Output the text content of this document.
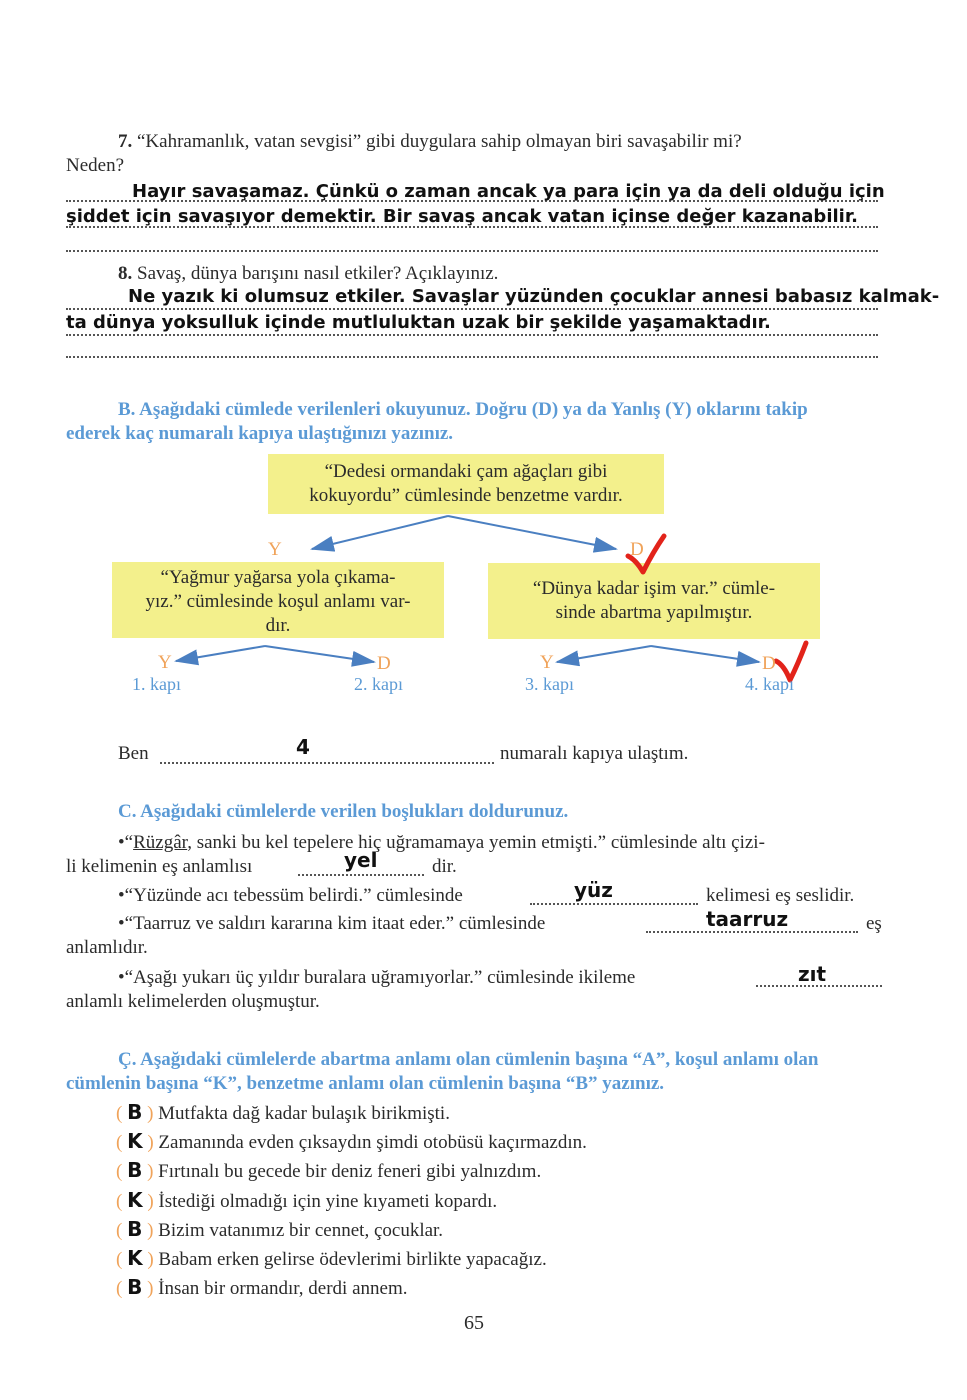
7. “Kahramanlık, vatan sevgisi” gibi duygulara sahip olmayan biri savaşabilir mi?
Neden?
Hayır savaşamaz. Çünkü o zaman ancak ya para için ya da deli olduğu için
şiddet için savaşıyor demektir. Bir savaş ancak vatan içinse değer kazanabilir.
8. Savaş, dünya barışını nasıl etkiler? Açıklayınız.
Ne yazık ki olumsuz etkiler. Savaşlar yüzünden çocuklar annesi babasız kalmak-
ta dünya yoksulluk içinde mutluluktan uzak bir şekilde yaşamaktadır.
B. Aşağıdaki cümlede verilenleri okuyunuz. Doğru (D) ya da Yanlış (Y) oklarını takip
ederek kaç numaralı kapıya ulaştığınızı yazınız.
“Dedesi ormandaki çam ağaçları gibi
kokuyordu” cümlesinde benzetme vardır.
“Yağmur yağarsa yola çıkama-
yız.” cümlesinde koşul anlamı var-
dır.
“Dünya kadar işim var.” cümle-
sinde abartma yapılmıştır.
Y	D
Y	D	Y	D
1. kapı	2. kapı	3. kapı	4. kapı
Ben	4	numaralı kapıya ulaştım.
C. Aşağıdaki cümlelerde verilen boşlukları doldurunuz.
•“Rüzgâr, sanki bu kel tepelere hiç uğramamaya yemin etmişti.” cümlesinde altı çizi-
li kelimenin eş anlamlısı	yel	dir.
•“Yüzünde acı tebessüm belirdi.” cümlesinde	yüz	kelimesi eş seslidir.
•“Taarruz ve saldırı kararına kim itaat eder.” cümlesinde	taarruz	eş
anlamlıdır.
•“Aşağı yukarı üç yıldır buralara uğramıyorlar.” cümlesinde ikileme	zıt
anlamlı kelimelerden oluşmuştur.
Ç. Aşağıdaki cümlelerde abartma anlamı olan cümlenin başına “A”, koşul anlamı olan
cümlenin başına “K”, benzetme anlamı olan cümlenin başına “B” yazınız.
( B ) Mutfakta dağ kadar bulaşık birikmişti.
( K ) Zamanında evden çıksaydın şimdi otobüsü kaçırmazdın.
( B ) Fırtınalı bu gecede bir deniz feneri gibi yalnızdım.
( K ) İstediği olmadığı için yine kıyameti kopardı.
( B ) Bizim vatanımız bir cennet, çocuklar.
( K ) Babam erken gelirse ödevlerimi birlikte yapacağız.
( B ) İnsan bir ormandır, derdi annem.
65
